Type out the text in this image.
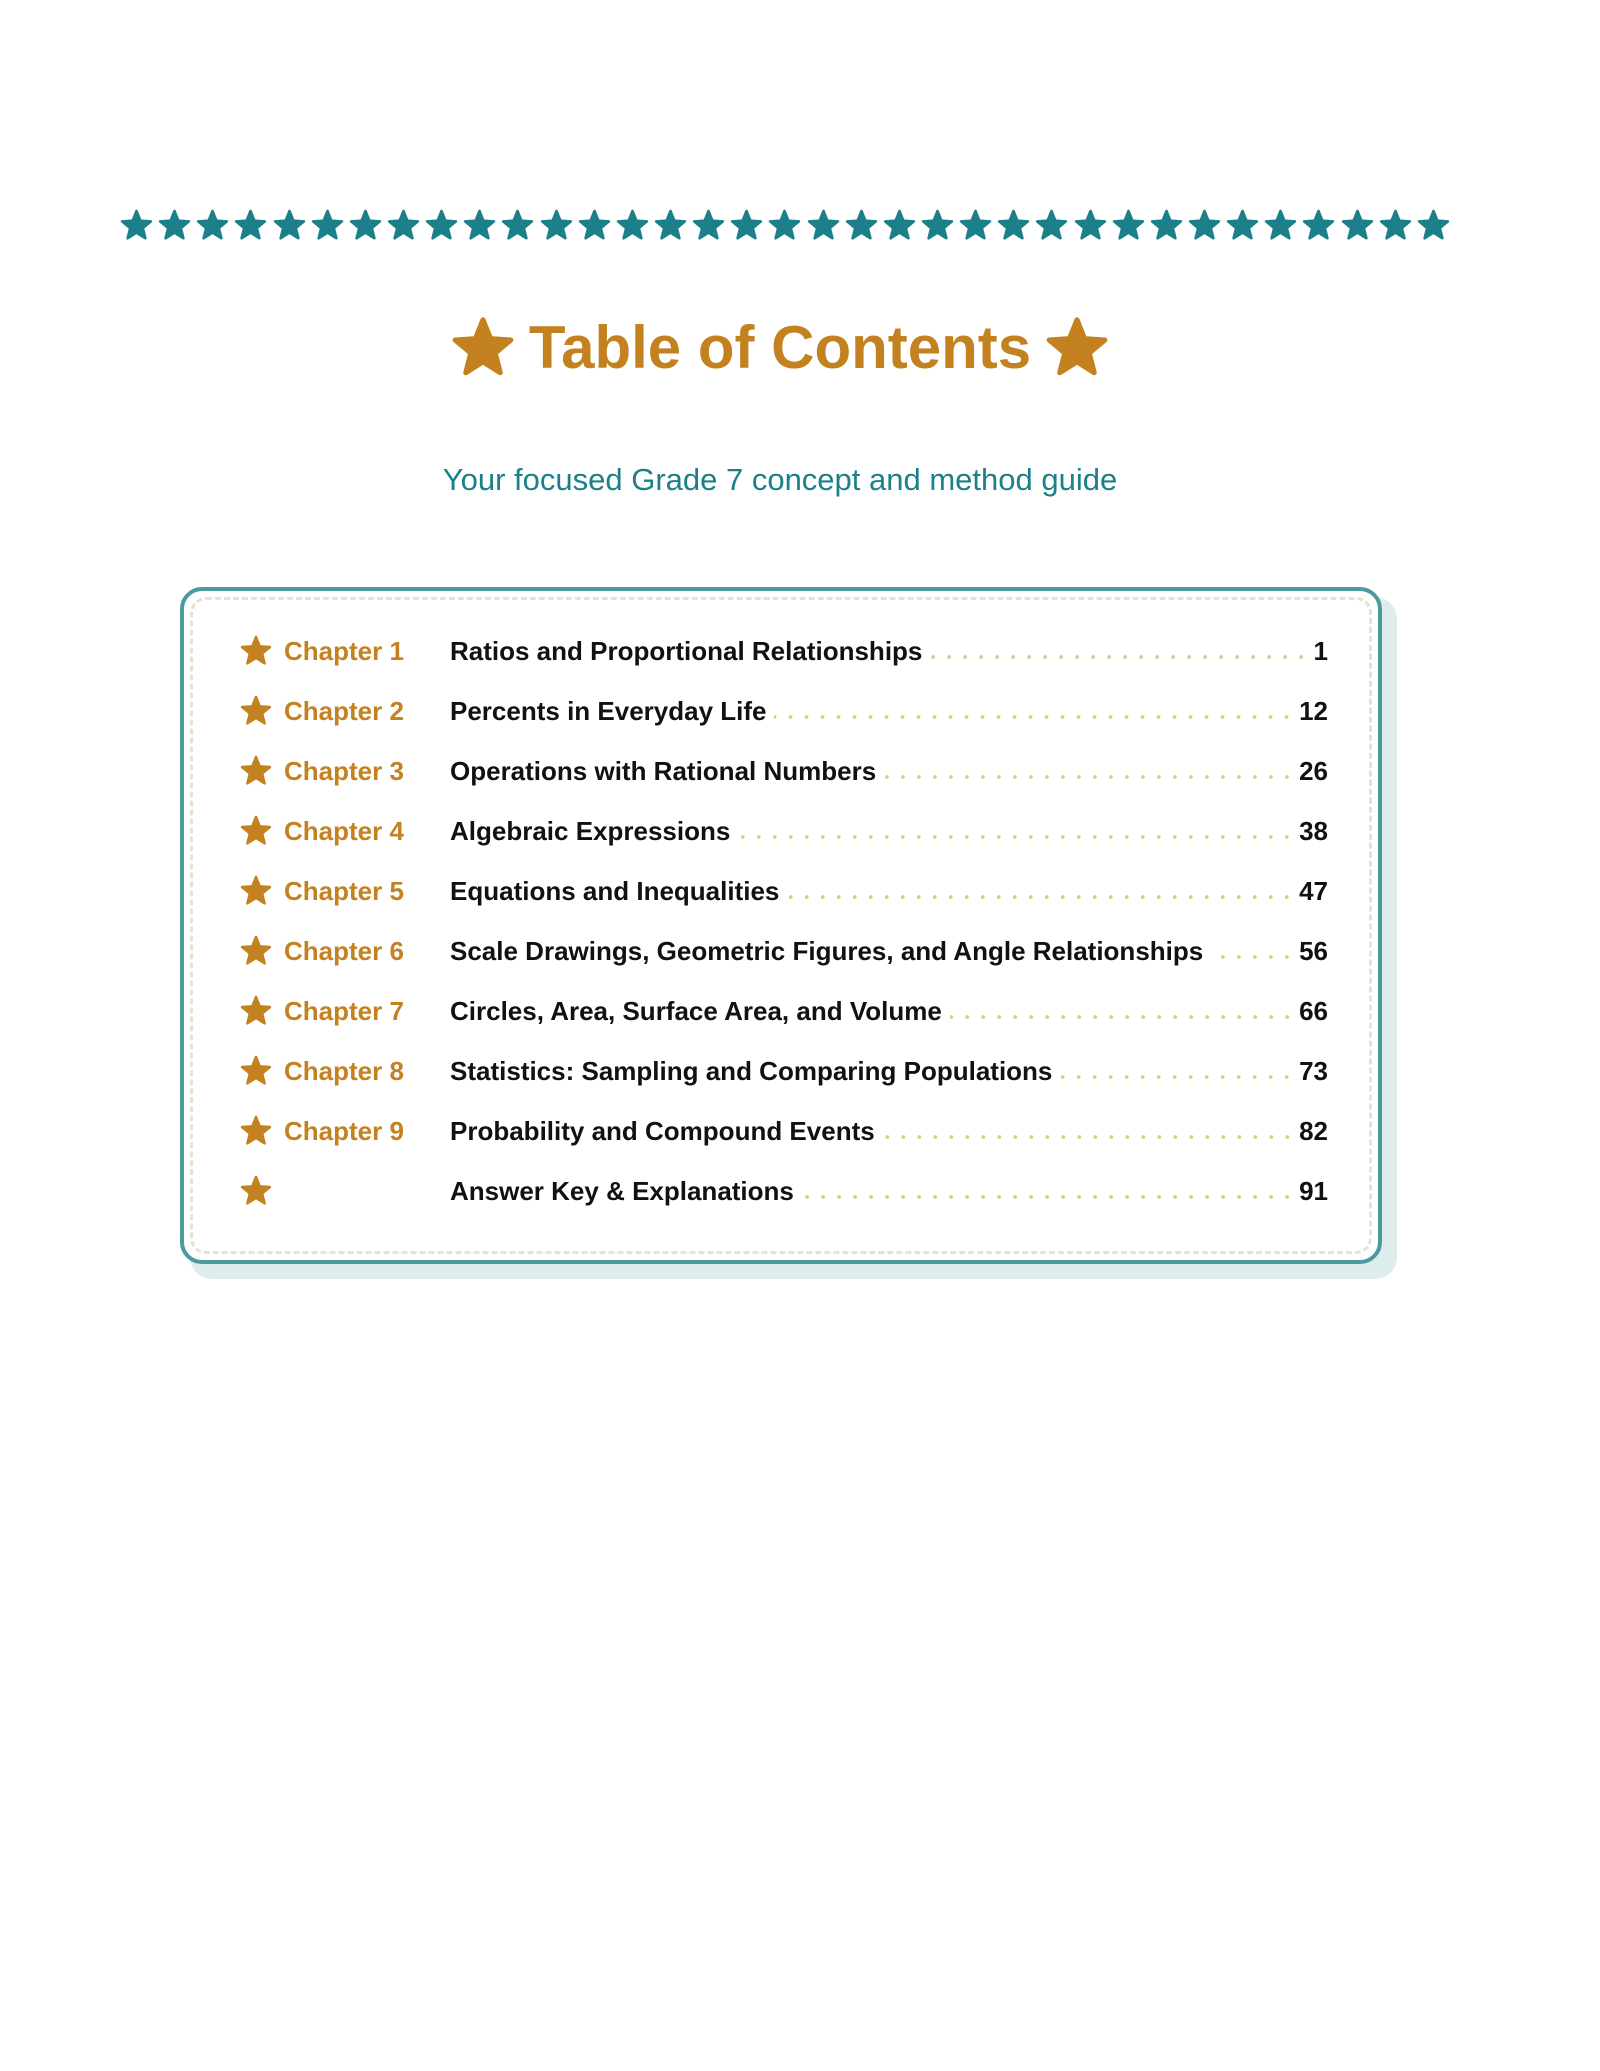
Table of Contents
Your focused Grade 7 concept and method guide
Chapter 1	Ratios and Proportional Relationships	1
Chapter 2	Percents in Everyday Life	12
Chapter 3	Operations with Rational Numbers	26
Chapter 4	Algebraic Expressions	38
Chapter 5	Equations and Inequalities	47
Chapter 6	Scale Drawings, Geometric Figures, and Angle Relationships	56
Chapter 7	Circles, Area, Surface Area, and Volume	66
Chapter 8	Statistics: Sampling and Comparing Populations	73
Chapter 9	Probability and Compound Events	82
Answer Key & Explanations	91
